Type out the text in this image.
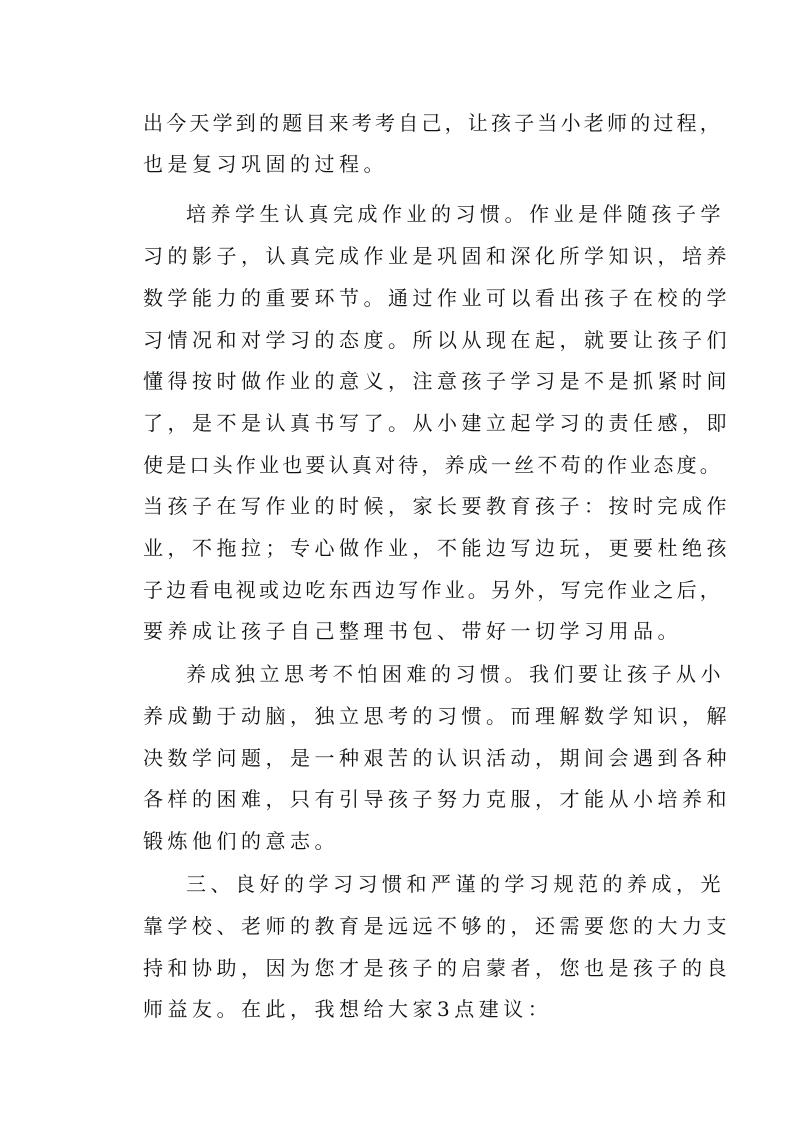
出今天学到的题目来考考自己，让孩子当小老师的过程，
也是复习巩固的过程。
培养学生认真完成作业的习惯。作业是伴随孩子学
习的影子，认真完成作业是巩固和深化所学知识，培养
数学能力的重要环节。通过作业可以看出孩子在校的学
习情况和对学习的态度。所以从现在起，就要让孩子们
懂得按时做作业的意义，注意孩子学习是不是抓紧时间
了，是不是认真书写了。从小建立起学习的责任感，即
使是口头作业也要认真对待，养成一丝不苟的作业态度。
当孩子在写作业的时候，家长要教育孩子：按时完成作
业，不拖拉；专心做作业，不能边写边玩，更要杜绝孩
子边看电视或边吃东西边写作业。另外，写完作业之后，
要养成让孩子自己整理书包、带好一切学习用品。
养成独立思考不怕困难的习惯。我们要让孩子从小
养成勤于动脑，独立思考的习惯。而理解数学知识，解
决数学问题，是一种艰苦的认识活动，期间会遇到各种
各样的困难，只有引导孩子努力克服，才能从小培养和
锻炼他们的意志。
三、良好的学习习惯和严谨的学习规范的养成，光
靠学校、老师的教育是远远不够的，还需要您的大力支
持和协助，因为您才是孩子的启蒙者，您也是孩子的良
师益友。在此，我想给大家3点建议：
